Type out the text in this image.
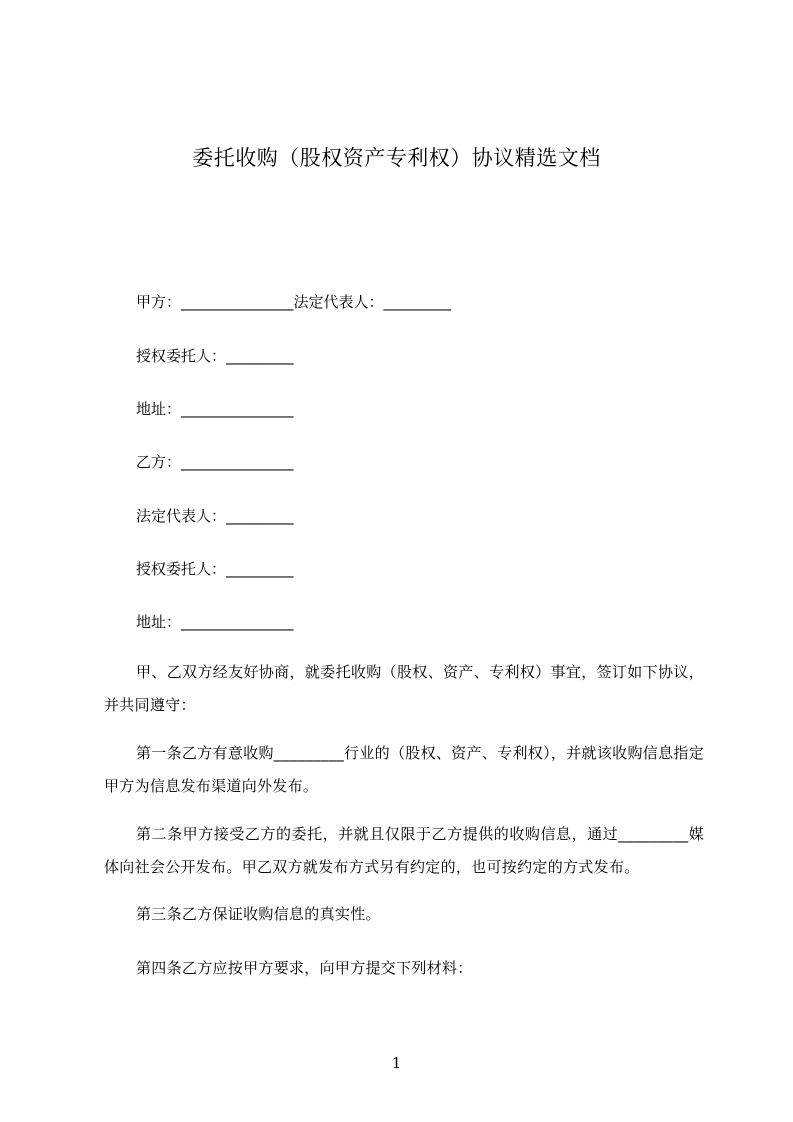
委托收购（股权资产专利权）协议精选文档
甲方：_______________法定代表人：_________
授权委托人：_________
地址：_______________
乙方：_______________
法定代表人：_________
授权委托人：_________
地址：_______________
甲、乙双方经友好协商，就委托收购（股权、资产、专利权）事宜，签订如下协议，并共同遵守：
第一条乙方有意收购_________行业的（股权、资产、专利权），并就该收购信息指定甲方为信息发布渠道向外发布。
第二条甲方接受乙方的委托，并就且仅限于乙方提供的收购信息，通过_________媒体向社会公开发布。甲乙双方就发布方式另有约定的，也可按约定的方式发布。
第三条乙方保证收购信息的真实性。
第四条乙方应按甲方要求，向甲方提交下列材料：
1
